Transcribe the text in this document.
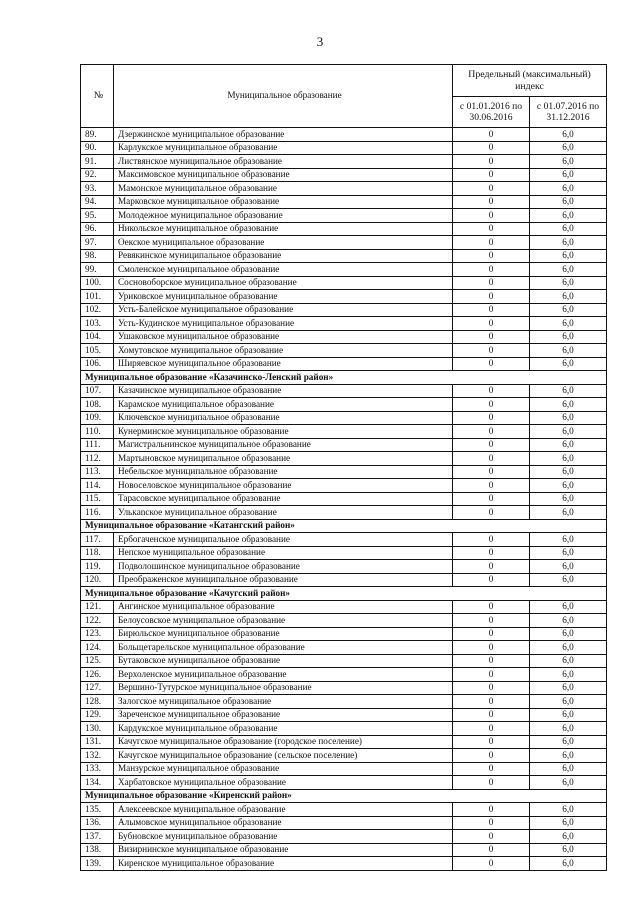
3
№	Муниципальное образование	Предельный (максимальный) индекс	
		с 01.01.2016 по 30.06.2016	с 01.07.2016 по 31.12.2016
89.	Дзержинское муниципальное образование	0	6,0
90.	Карлукское муниципальное образование	0	6,0
91.	Листвянское муниципальное образование	0	6,0
92.	Максимовское муниципальное образование	0	6,0
93.	Мамонское муниципальное образование	0	6,0
94.	Марковское муниципальное образование	0	6,0
95.	Молодежное муниципальное образование	0	6,0
96.	Никольское муниципальное образование	0	6,0
97.	Оекское муниципальное образование	0	6,0
98.	Ревякинское муниципальное образование	0	6,0
99.	Смоленское муниципальное образование	0	6,0
100.	Сосновоборское муниципальное образование	0	6,0
101.	Уриковское муниципальное образование	0	6,0
102.	Усть-Балейское муниципальное образование	0	6,0
103.	Усть-Кудинское муниципальное образование	0	6,0
104.	Ушаковское муниципальное образование	0	6,0
105.	Хомутовское муниципальное образование	0	6,0
106.	Ширяевское муниципальное образование	0	6,0
Муниципальное образование «Казачинско-Ленский район»			
107.	Казачинское муниципальное образование	0	6,0
108.	Карамское муниципальное образование	0	6,0
109.	Ключевское муниципальное образование	0	6,0
110.	Кунерминское муниципальное образование	0	6,0
111.	Магистральнинское муниципальное образование	0	6,0
112.	Мартыновское муниципальное образование	0	6,0
113.	Небельское муниципальное образование	0	6,0
114.	Новоселовское муниципальное образование	0	6,0
115.	Тарасовское муниципальное образование	0	6,0
116.	Улькanское муниципальное образование	0	6,0
Муниципальное образование «Катангский район»			
117.	Ербогаченское муниципальное образование	0	6,0
118.	Непское муниципальное образование	0	6,0
119.	Подволошинское муниципальное образование	0	6,0
120.	Преображенское муниципальное образование	0	6,0
Муниципальное образование «Качугский район»			
121.	Ангинское муниципальное образование	0	6,0
122.	Белоусовское муниципальное образование	0	6,0
123.	Бирюльское муниципальное образование	0	6,0
124.	Больщетарельское муниципальное образование	0	6,0
125.	Бутаковское муниципальное образование	0	6,0
126.	Верхоленское муниципальное образование	0	6,0
127.	Вершино-Тутурское муниципальное образование	0	6,0
128.	Залогское муниципальное образование	0	6,0
129.	Зареченское муниципальное образование	0	6,0
130.	Кардукское муниципальное образование	0	6,0
131.	Качугское муниципальное образование (городское поселение)	0	6,0
132.	Качугское муниципальное образование (сельское поселение)	0	6,0
133.	Манзурское муниципальное образование	0	6,0
134.	Харбатовское муниципальное образование	0	6,0
Муниципальное образование «Киренский район»			
135.	Алексеевское муниципальное образование	0	6,0
136.	Алымовское муниципальное образование	0	6,0
137.	Бубновское муниципальное образование	0	6,0
138.	Визирнинское муниципальное образование	0	6,0
139.	Киренское муниципальное образование	0	6,0
